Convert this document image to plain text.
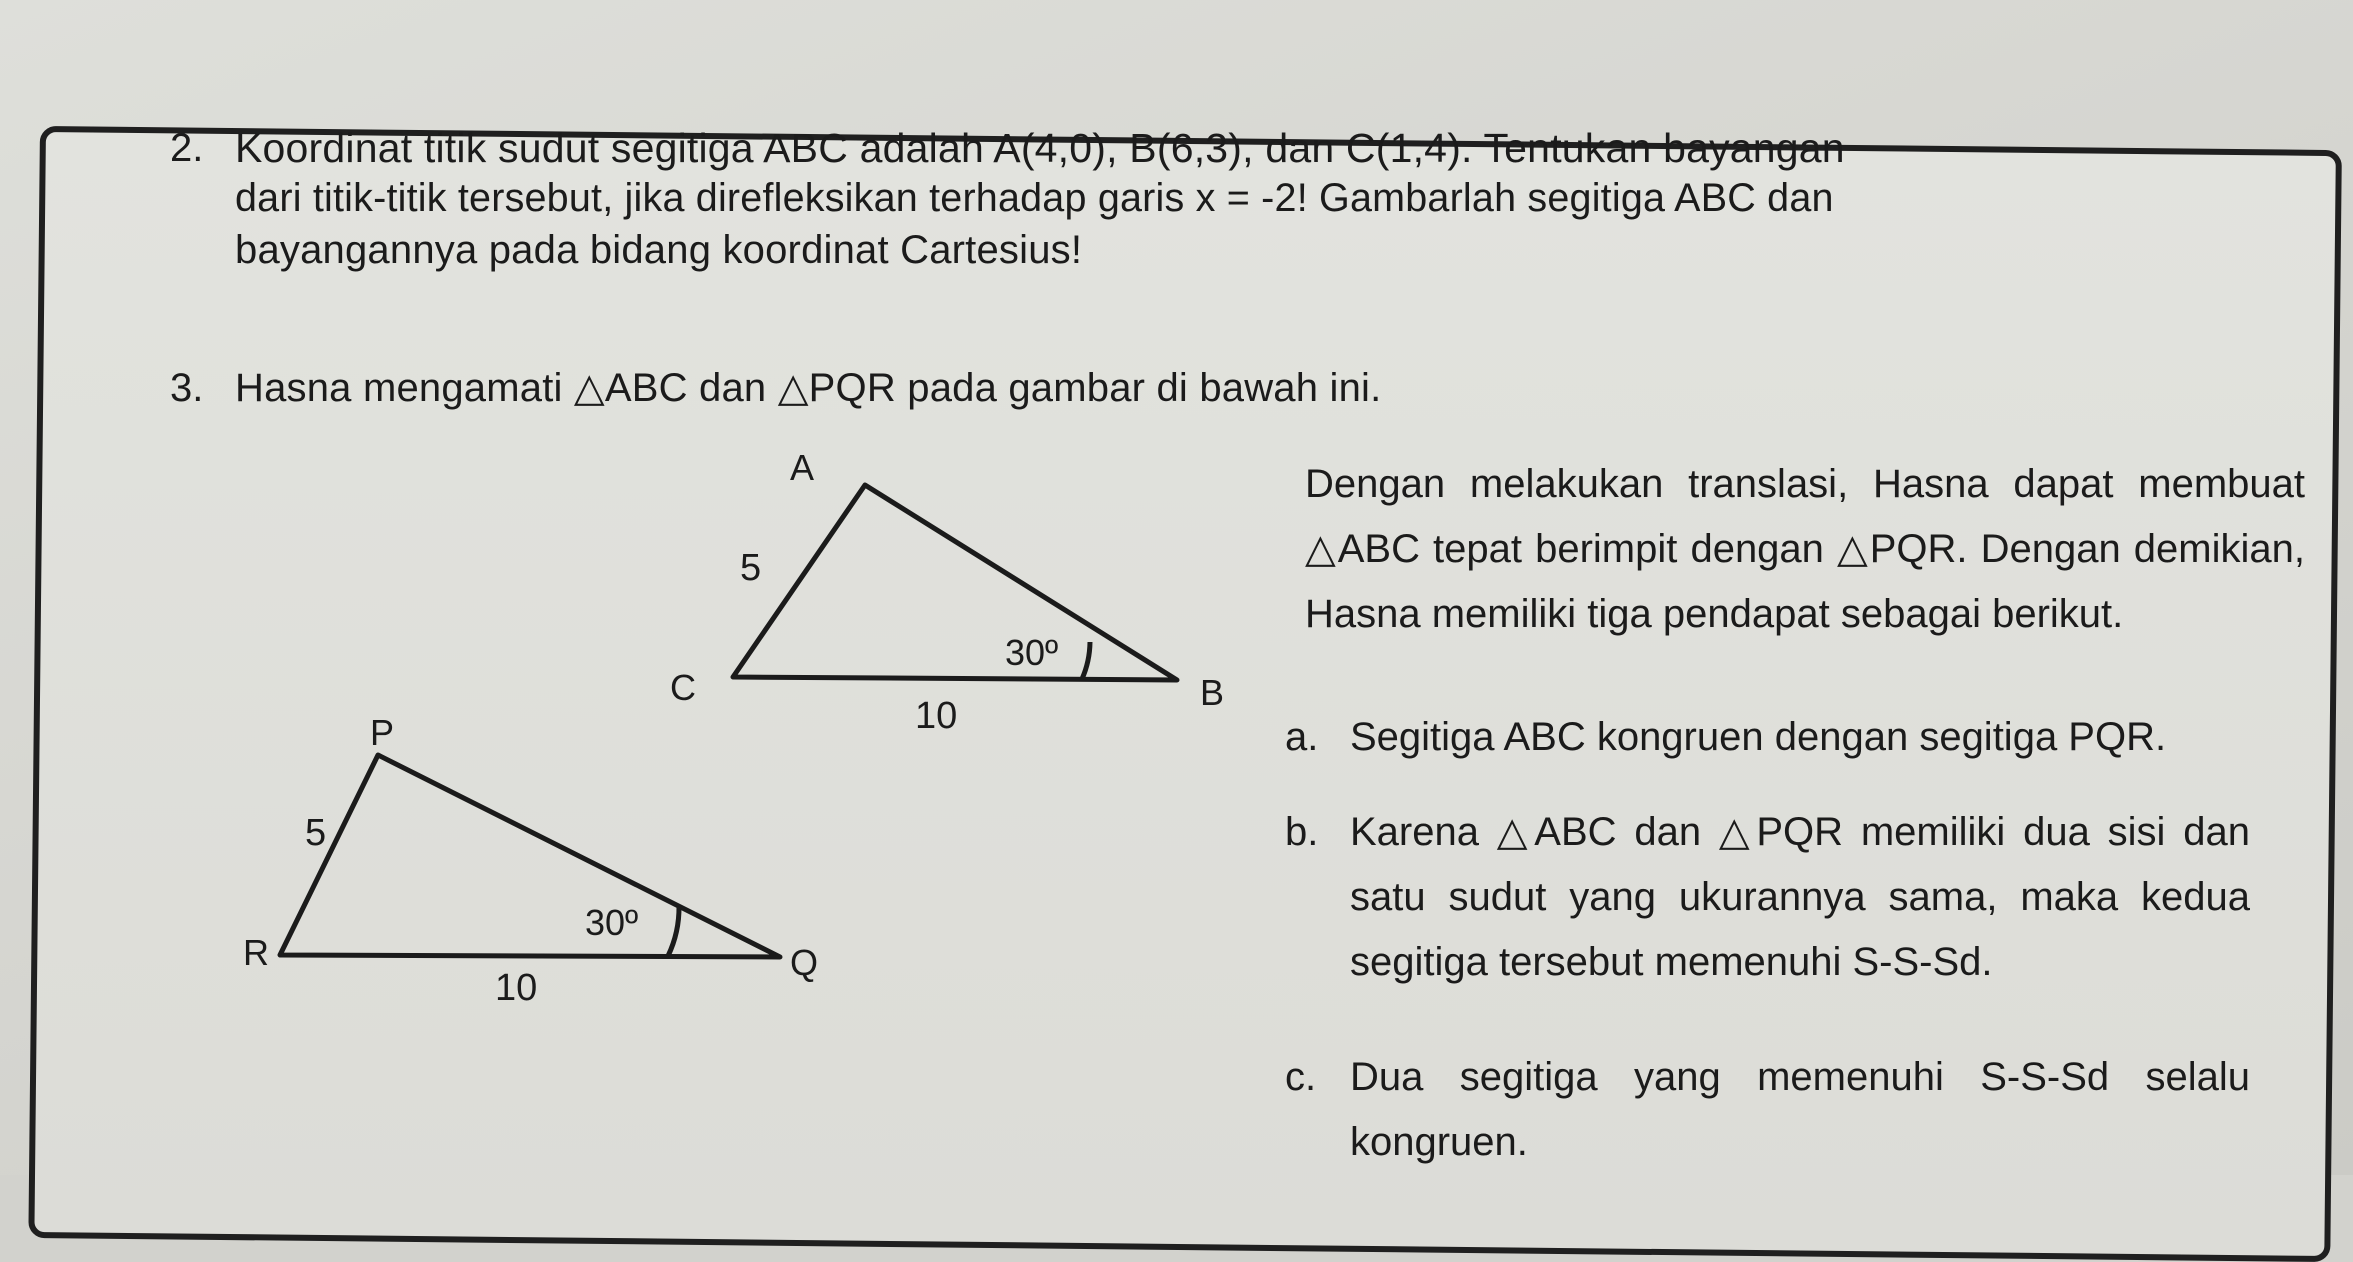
2. Koordinat titik sudut segitiga ABC adalah A(4,0), B(6,3), dan C(1,4). Tentukan bayangan
dari titik-titik tersebut, jika direfleksikan terhadap garis x = -2! Gambarlah segitiga ABC dan
bayangannya pada bidang koordinat Cartesius!
3. Hasna mengamati △ABC dan △PQR pada gambar di bawah ini.
Dengan melakukan translasi, Hasna dapat membuat △ABC tepat berimpit dengan △PQR. Dengan demikian, Hasna memiliki tiga pendapat sebagai berikut.
a. Segitiga ABC kongruen dengan segitiga PQR.
b. Karena △ABC dan △PQR memiliki dua sisi dan satu sudut yang ukurannya sama, maka kedua segitiga tersebut memenuhi S-S-Sd.
c. Dua segitiga yang memenuhi S-S-Sd selalu kongruen.
A
C	B
5
10
30º
P
R	Q
5
10
30º
